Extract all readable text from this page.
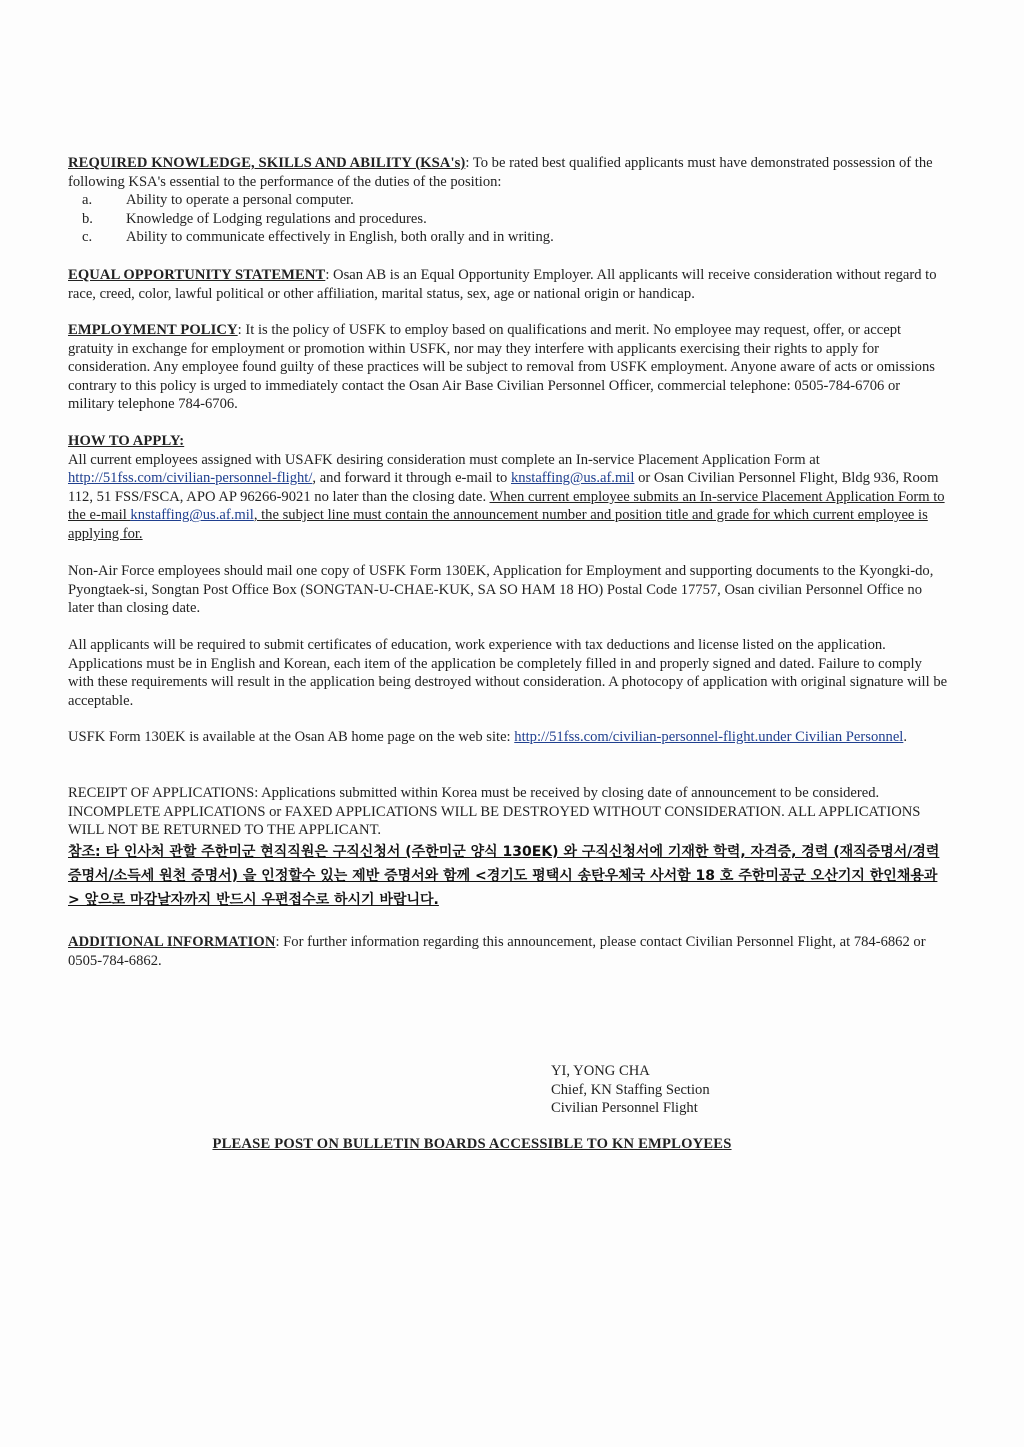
REQUIRED KNOWLEDGE, SKILLS AND ABILITY (KSA's): To be rated best qualified applicants must have demonstrated possession of the following KSA's essential to the performance of the duties of the position:
a.	Ability to operate a personal computer.
b.	Knowledge of Lodging regulations and procedures.
c.	Ability to communicate effectively in English, both orally and in writing.
EQUAL OPPORTUNITY STATEMENT: Osan AB is an Equal Opportunity Employer. All applicants will receive consideration without regard to race, creed, color, lawful political or other affiliation, marital status, sex, age or national origin or handicap.
EMPLOYMENT POLICY: It is the policy of USFK to employ based on qualifications and merit. No employee may request, offer, or accept gratuity in exchange for employment or promotion within USFK, nor may they interfere with applicants exercising their rights to apply for consideration. Any employee found guilty of these practices will be subject to removal from USFK employment. Anyone aware of acts or omissions contrary to this policy is urged to immediately contact the Osan Air Base Civilian Personnel Officer, commercial telephone: 0505-784-6706 or military telephone 784-6706.
HOW TO APPLY:
All current employees assigned with USAFK desiring consideration must complete an In-service Placement Application Form at http://51fss.com/civilian-personnel-flight/, and forward it through e-mail to knstaffing@us.af.mil or Osan Civilian Personnel Flight, Bldg 936, Room 112, 51 FSS/FSCA, APO AP 96266-9021 no later than the closing date. When current employee submits an In-service Placement Application Form to the e-mail knstaffing@us.af.mil, the subject line must contain the announcement number and position title and grade for which current employee is applying for.
Non-Air Force employees should mail one copy of USFK Form 130EK, Application for Employment and supporting documents to the Kyongki-do, Pyongtaek-si, Songtan Post Office Box (SONGTAN-U-CHAE-KUK, SA SO HAM 18 HO) Postal Code 17757, Osan civilian Personnel Office no later than closing date.
All applicants will be required to submit certificates of education, work experience with tax deductions and license listed on the application. Applications must be in English and Korean, each item of the application be completely filled in and properly signed and dated. Failure to comply with these requirements will result in the application being destroyed without consideration. A photocopy of application with original signature will be acceptable.
USFK Form 130EK is available at the Osan AB home page on the web site: http://51fss.com/civilian-personnel-flight.under Civilian Personnel.
RECEIPT OF APPLICATIONS: Applications submitted within Korea must be received by closing date of announcement to be considered. INCOMPLETE APPLICATIONS or FAXED APPLICATIONS WILL BE DESTROYED WITHOUT CONSIDERATION. ALL APPLICATIONS WILL NOT BE RETURNED TO THE APPLICANT.
참조: 타 인사처 관할 주한미군 현직직원은 구직신청서 (주한미군 양식 130EK) 와 구직신청서에 기재한 학력, 자격증, 경력 (재직증명서/경력증명서/소득세 원천 증명서) 을 인정할수 있는 제반 증명서와 함께 <경기도 평택시 송탄우체국 사서함 18 호 주한미공군 오산기지 한인채용과> 앞으로 마감날자까지 반드시 우편접수로 하시기 바랍니다.
ADDITIONAL INFORMATION: For further information regarding this announcement, please contact Civilian Personnel Flight, at 784-6862 or 0505-784-6862.
YI, YONG CHA
Chief, KN Staffing Section
Civilian Personnel Flight
PLEASE POST ON BULLETIN BOARDS ACCESSIBLE TO KN EMPLOYEES
